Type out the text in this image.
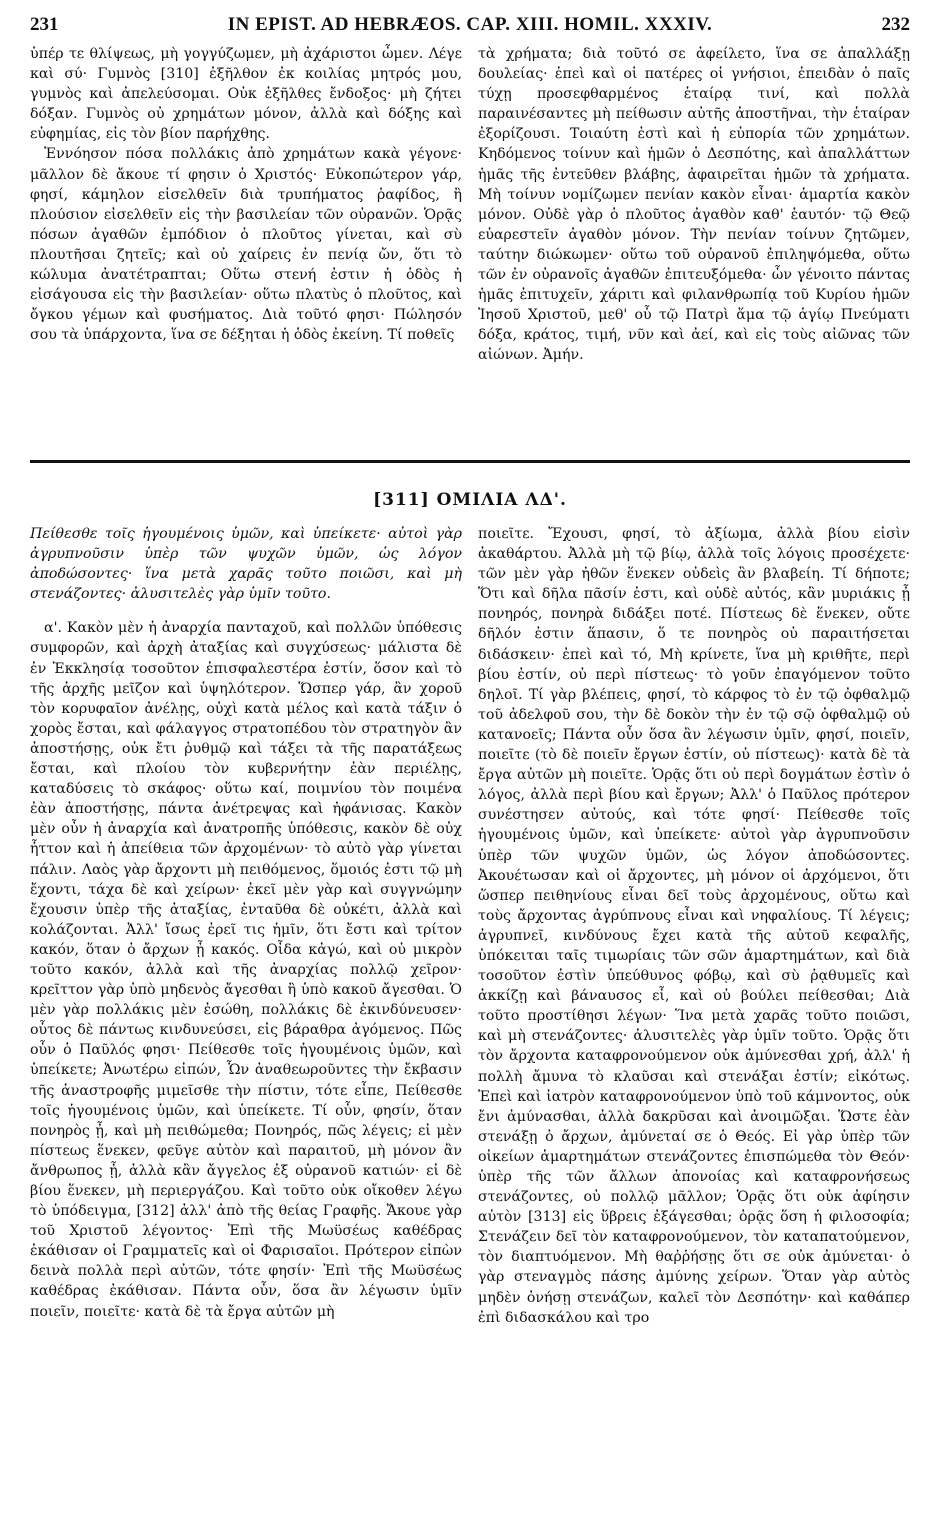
231	IN EPIST. AD HEBRÆOS. CAP. XIII. HOMIL. XXXIV.	232

ὑπέρ τε θλίψεως, μὴ γογγύζωμεν, μὴ ἀχάριστοι ὦμεν. Λέγε καὶ σύ· Γυμνὸς [310] ἐξῆλθον ἐκ κοιλίας μητρός μου, γυμνὸς καὶ ἀπελεύσομαι. Οὐκ ἐξῆλθες ἔνδοξος· μὴ ζήτει δόξαν. Γυμνὸς οὐ χρημάτων μόνον, ἀλλὰ καὶ δόξης καὶ εὐφημίας, εἰς τὸν βίον παρήχθης.

Ἐννόησον πόσα πολλάκις ἀπὸ χρημάτων κακὰ γέγονε· μᾶλλον δὲ ἄκουε τί φησιν ὁ Χριστός· Εὐκοπώτερον γάρ, φησί, κάμηλον εἰσελθεῖν διὰ τρυπήματος ῥαφίδος, ἢ πλούσιον εἰσελθεῖν εἰς τὴν βασιλείαν τῶν οὐρανῶν. Ὁρᾷς πόσων ἀγαθῶν ἐμπόδιον ὁ πλοῦτος γίνεται, καὶ σὺ πλουτῆσαι ζητεῖς; καὶ οὐ χαίρεις ἐν πενίᾳ ὤν, ὅτι τὸ κώλυμα ἀνατέτραπται; Οὕτω στενή ἐστιν ἡ ὁδὸς ἡ εἰσάγουσα εἰς τὴν βασιλείαν· οὕτω πλατὺς ὁ πλοῦτος, καὶ ὄγκου γέμων καὶ φυσήματος. Διὰ τοῦτό φησι· Πώλησόν σου τὰ ὑπάρχοντα, ἵνα σε δέξηται ἡ ὁδὸς ἐκείνη. Τί ποθεῖς

τὰ χρήματα; διὰ τοῦτό σε ἀφείλετο, ἵνα σε ἀπαλλάξῃ δουλείας· ἐπεὶ καὶ οἱ πατέρες οἱ γνήσιοι, ἐπειδὰν ὁ παῖς τύχῃ προσεφθαρμένος ἑταίρᾳ τινί, καὶ πολλὰ παραινέσαντες μὴ πείθωσιν αὐτῆς ἀποστῆναι, τὴν ἑταίραν ἐξορίζουσι. Τοιαύτη ἐστὶ καὶ ἡ εὐπορία τῶν χρημάτων. Κηδόμενος τοίνυν καὶ ἡμῶν ὁ Δεσπότης, καὶ ἀπαλλάττων ἡμᾶς τῆς ἐντεῦθεν βλάβης, ἀφαιρεῖται ἡμῶν τὰ χρήματα. Μὴ τοίνυν νομίζωμεν πενίαν κακὸν εἶναι· ἁμαρτία κακὸν μόνον. Οὐδὲ γὰρ ὁ πλοῦτος ἀγαθὸν καθ' ἑαυτόν· τῷ Θεῷ εὐαρεστεῖν ἀγαθὸν μόνον. Τὴν πενίαν τοίνυν ζητῶμεν, ταύτην διώκωμεν· οὕτω τοῦ οὐρανοῦ ἐπιληψόμεθα, οὕτω τῶν ἐν οὐρανοῖς ἀγαθῶν ἐπιτευξόμεθα· ὧν γένοιτο πάντας ἡμᾶς ἐπιτυχεῖν, χάριτι καὶ φιλανθρωπίᾳ τοῦ Κυρίου ἡμῶν Ἰησοῦ Χριστοῦ, μεθ' οὗ τῷ Πατρὶ ἅμα τῷ ἁγίῳ Πνεύματι δόξα, κράτος, τιμή, νῦν καὶ ἀεί, καὶ εἰς τοὺς αἰῶνας τῶν αἰώνων. Ἀμήν.

[311] ΟΜΙΛΙΑ ΛΔ'.

Πείθεσθε τοῖς ἡγουμένοις ὑμῶν, καὶ ὑπείκετε· αὐτοὶ γὰρ ἀγρυπνοῦσιν ὑπὲρ τῶν ψυχῶν ὑμῶν, ὡς λόγον ἀποδώσοντες· ἵνα μετὰ χαρᾶς τοῦτο ποιῶσι, καὶ μὴ στενάζοντες· ἀλυσιτελὲς γὰρ ὑμῖν τοῦτο.

α'. Κακὸν μὲν ἡ ἀναρχία πανταχοῦ, καὶ πολλῶν ὑπόθεσις συμφορῶν, καὶ ἀρχὴ ἀταξίας καὶ συγχύσεως· μάλιστα δὲ ἐν Ἐκκλησίᾳ τοσοῦτον ἐπισφαλεστέρα ἐστίν, ὅσον καὶ τὸ τῆς ἀρχῆς μεῖζον καὶ ὑψηλότερον. Ὥσπερ γάρ, ἂν χοροῦ τὸν κορυφαῖον ἀνέλῃς, οὐχὶ κατὰ μέλος καὶ κατὰ τάξιν ὁ χορὸς ἔσται, καὶ φάλαγγος στρατοπέδου τὸν στρατηγὸν ἂν ἀποστήσῃς, οὐκ ἔτι ῥυθμῷ καὶ τάξει τὰ τῆς παρατάξεως ἔσται, καὶ πλοίου τὸν κυβερνήτην ἐὰν περιέλῃς, καταδύσεις τὸ σκάφος· οὕτω καί, ποιμνίου τὸν ποιμένα ἐὰν ἀποστήσῃς, πάντα ἀνέτρεψας καὶ ἠφάνισας. Κακὸν μὲν οὖν ἡ ἀναρχία καὶ ἀνατροπῆς ὑπόθεσις, κακὸν δὲ οὐχ ἧττον καὶ ἡ ἀπείθεια τῶν ἀρχομένων· τὸ αὐτὸ γὰρ γίνεται πάλιν. Λαὸς γὰρ ἄρχοντι μὴ πειθόμενος, ὅμοιός ἐστι τῷ μὴ ἔχοντι, τάχα δὲ καὶ χείρων· ἐκεῖ μὲν γὰρ καὶ συγγνώμην ἔχουσιν ὑπὲρ τῆς ἀταξίας, ἐνταῦθα δὲ οὐκέτι, ἀλλὰ καὶ κολάζονται. Ἀλλ' ἴσως ἐρεῖ τις ἡμῖν, ὅτι ἔστι καὶ τρίτον κακόν, ὅταν ὁ ἄρχων ᾖ κακός. Οἶδα κἀγώ, καὶ οὐ μικρὸν τοῦτο κακόν, ἀλλὰ καὶ τῆς ἀναρχίας πολλῷ χεῖρον· κρεῖττον γὰρ ὑπὸ μηδενὸς ἄγεσθαι ἢ ὑπὸ κακοῦ ἄγεσθαι. Ὁ μὲν γὰρ πολλάκις μὲν ἐσώθη, πολλάκις δὲ ἐκινδύνευσεν· οὗτος δὲ πάντως κινδυνεύσει, εἰς βάραθρα ἀγόμενος. Πῶς οὖν ὁ Παῦλός φησι· Πείθεσθε τοῖς ἡγουμένοις ὑμῶν, καὶ ὑπείκετε; Ἀνωτέρω εἰπών, Ὧν ἀναθεωροῦντες τὴν ἔκβασιν τῆς ἀναστροφῆς μιμεῖσθε τὴν πίστιν, τότε εἶπε, Πείθεσθε τοῖς ἡγουμένοις ὑμῶν, καὶ ὑπείκετε. Τί οὖν, φησίν, ὅταν πονηρὸς ᾖ, καὶ μὴ πειθώμεθα; Πονηρός, πῶς λέγεις; εἰ μὲν πίστεως ἕνεκεν, φεῦγε αὐτὸν καὶ παραιτοῦ, μὴ μόνον ἂν ἄνθρωπος ᾖ, ἀλλὰ κἂν ἄγγελος ἐξ οὐρανοῦ κατιών· εἰ δὲ βίου ἕνεκεν, μὴ περιεργάζου. Καὶ τοῦτο οὐκ οἴκοθεν λέγω τὸ ὑπόδειγμα, [312] ἀλλ' ἀπὸ τῆς θείας Γραφῆς. Ἄκουε γὰρ τοῦ Χριστοῦ λέγοντος· Ἐπὶ τῆς Μωϋσέως καθέδρας ἐκάθισαν οἱ Γραμματεῖς καὶ οἱ Φαρισαῖοι. Πρότερον εἰπὼν δεινὰ πολλὰ περὶ αὐτῶν, τότε φησίν· Ἐπὶ τῆς Μωϋσέως καθέδρας ἐκάθισαν. Πάντα οὖν, ὅσα ἂν λέγωσιν ὑμῖν ποιεῖν, ποιεῖτε· κατὰ δὲ τὰ ἔργα αὐτῶν μὴ

ποιεῖτε. Ἔχουσι, φησί, τὸ ἀξίωμα, ἀλλὰ βίου εἰσὶν ἀκαθάρτου. Ἀλλὰ μὴ τῷ βίῳ, ἀλλὰ τοῖς λόγοις προσέχετε· τῶν μὲν γὰρ ἠθῶν ἕνεκεν οὐδεὶς ἂν βλαβείη. Τί δήποτε; Ὅτι καὶ δῆλα πᾶσίν ἐστι, καὶ οὐδὲ αὐτός, κἂν μυριάκις ᾖ πονηρός, πονηρὰ διδάξει ποτέ. Πίστεως δὲ ἕνεκεν, οὔτε δῆλόν ἐστιν ἅπασιν, ὅ τε πονηρὸς οὐ παραιτήσεται διδάσκειν· ἐπεὶ καὶ τό, Μὴ κρίνετε, ἵνα μὴ κριθῆτε, περὶ βίου ἐστίν, οὐ περὶ πίστεως· τὸ γοῦν ἐπαγόμενον τοῦτο δηλοῖ. Τί γὰρ βλέπεις, φησί, τὸ κάρφος τὸ ἐν τῷ ὀφθαλμῷ τοῦ ἀδελφοῦ σου, τὴν δὲ δοκὸν τὴν ἐν τῷ σῷ ὀφθαλμῷ οὐ κατανοεῖς; Πάντα οὖν ὅσα ἂν λέγωσιν ὑμῖν, φησί, ποιεῖν, ποιεῖτε (τὸ δὲ ποιεῖν ἔργων ἐστίν, οὐ πίστεως)· κατὰ δὲ τὰ ἔργα αὐτῶν μὴ ποιεῖτε. Ὁρᾷς ὅτι οὐ περὶ δογμάτων ἐστὶν ὁ λόγος, ἀλλὰ περὶ βίου καὶ ἔργων; Ἀλλ' ὁ Παῦλος πρότερον συνέστησεν αὐτούς, καὶ τότε φησί· Πείθεσθε τοῖς ἡγουμένοις ὑμῶν, καὶ ὑπείκετε· αὐτοὶ γὰρ ἀγρυπνοῦσιν ὑπὲρ τῶν ψυχῶν ὑμῶν, ὡς λόγον ἀποδώσοντες. Ἀκουέτωσαν καὶ οἱ ἄρχοντες, μὴ μόνον οἱ ἀρχόμενοι, ὅτι ὥσπερ πειθηνίους εἶναι δεῖ τοὺς ἀρχομένους, οὕτω καὶ τοὺς ἄρχοντας ἀγρύπνους εἶναι καὶ νηφαλίους. Τί λέγεις; ἀγρυπνεῖ, κινδύνους ἔχει κατὰ τῆς αὐτοῦ κεφαλῆς, ὑπόκειται ταῖς τιμωρίαις τῶν σῶν ἁμαρτημάτων, καὶ διὰ τοσοῦτον ἐστὶν ὑπεύθυνος φόβῳ, καὶ σὺ ῥᾳθυμεῖς καὶ ἀκκίζῃ καὶ βάναυσος εἶ, καὶ οὐ βούλει πείθεσθαι; Διὰ τοῦτο προστίθησι λέγων· Ἵνα μετὰ χαρᾶς τοῦτο ποιῶσι, καὶ μὴ στενάζοντες· ἀλυσιτελὲς γὰρ ὑμῖν τοῦτο. Ὁρᾷς ὅτι τὸν ἄρχοντα καταφρονούμενον οὐκ ἀμύνεσθαι χρή, ἀλλ' ἡ πολλὴ ἄμυνα τὸ κλαῦσαι καὶ στενάξαι ἐστίν; εἰκότως. Ἐπεὶ καὶ ἰατρὸν καταφρονούμενον ὑπὸ τοῦ κάμνοντος, οὐκ ἔνι ἀμύνασθαι, ἀλλὰ δακρῦσαι καὶ ἀνοιμῶξαι. Ὥστε ἐὰν στενάξῃ ὁ ἄρχων, ἀμύνεταί σε ὁ Θεός. Εἰ γὰρ ὑπὲρ τῶν οἰκείων ἁμαρτημάτων στενάζοντες ἐπισπώμεθα τὸν Θεόν· ὑπὲρ τῆς τῶν ἄλλων ἀπονοίας καὶ καταφρονήσεως στενάζοντες, οὐ πολλῷ μᾶλλον; Ὁρᾷς ὅτι οὐκ ἀφίησιν αὐτὸν [313] εἰς ὕβρεις ἐξάγεσθαι; ὁρᾷς ὅση ἡ φιλοσοφία; Στενάζειν δεῖ τὸν καταφρονούμενον, τὸν καταπατούμενον, τὸν διαπτυόμενον. Μὴ θαῤῥήσῃς ὅτι σε οὐκ ἀμύνεται· ὁ γὰρ στεναγμὸς πάσης ἀμύνης χείρων. Ὅταν γὰρ αὐτὸς μηδὲν ὀνήσῃ στενάζων, καλεῖ τὸν Δεσπότην· καὶ καθάπερ ἐπὶ διδασκάλου καὶ τρο
